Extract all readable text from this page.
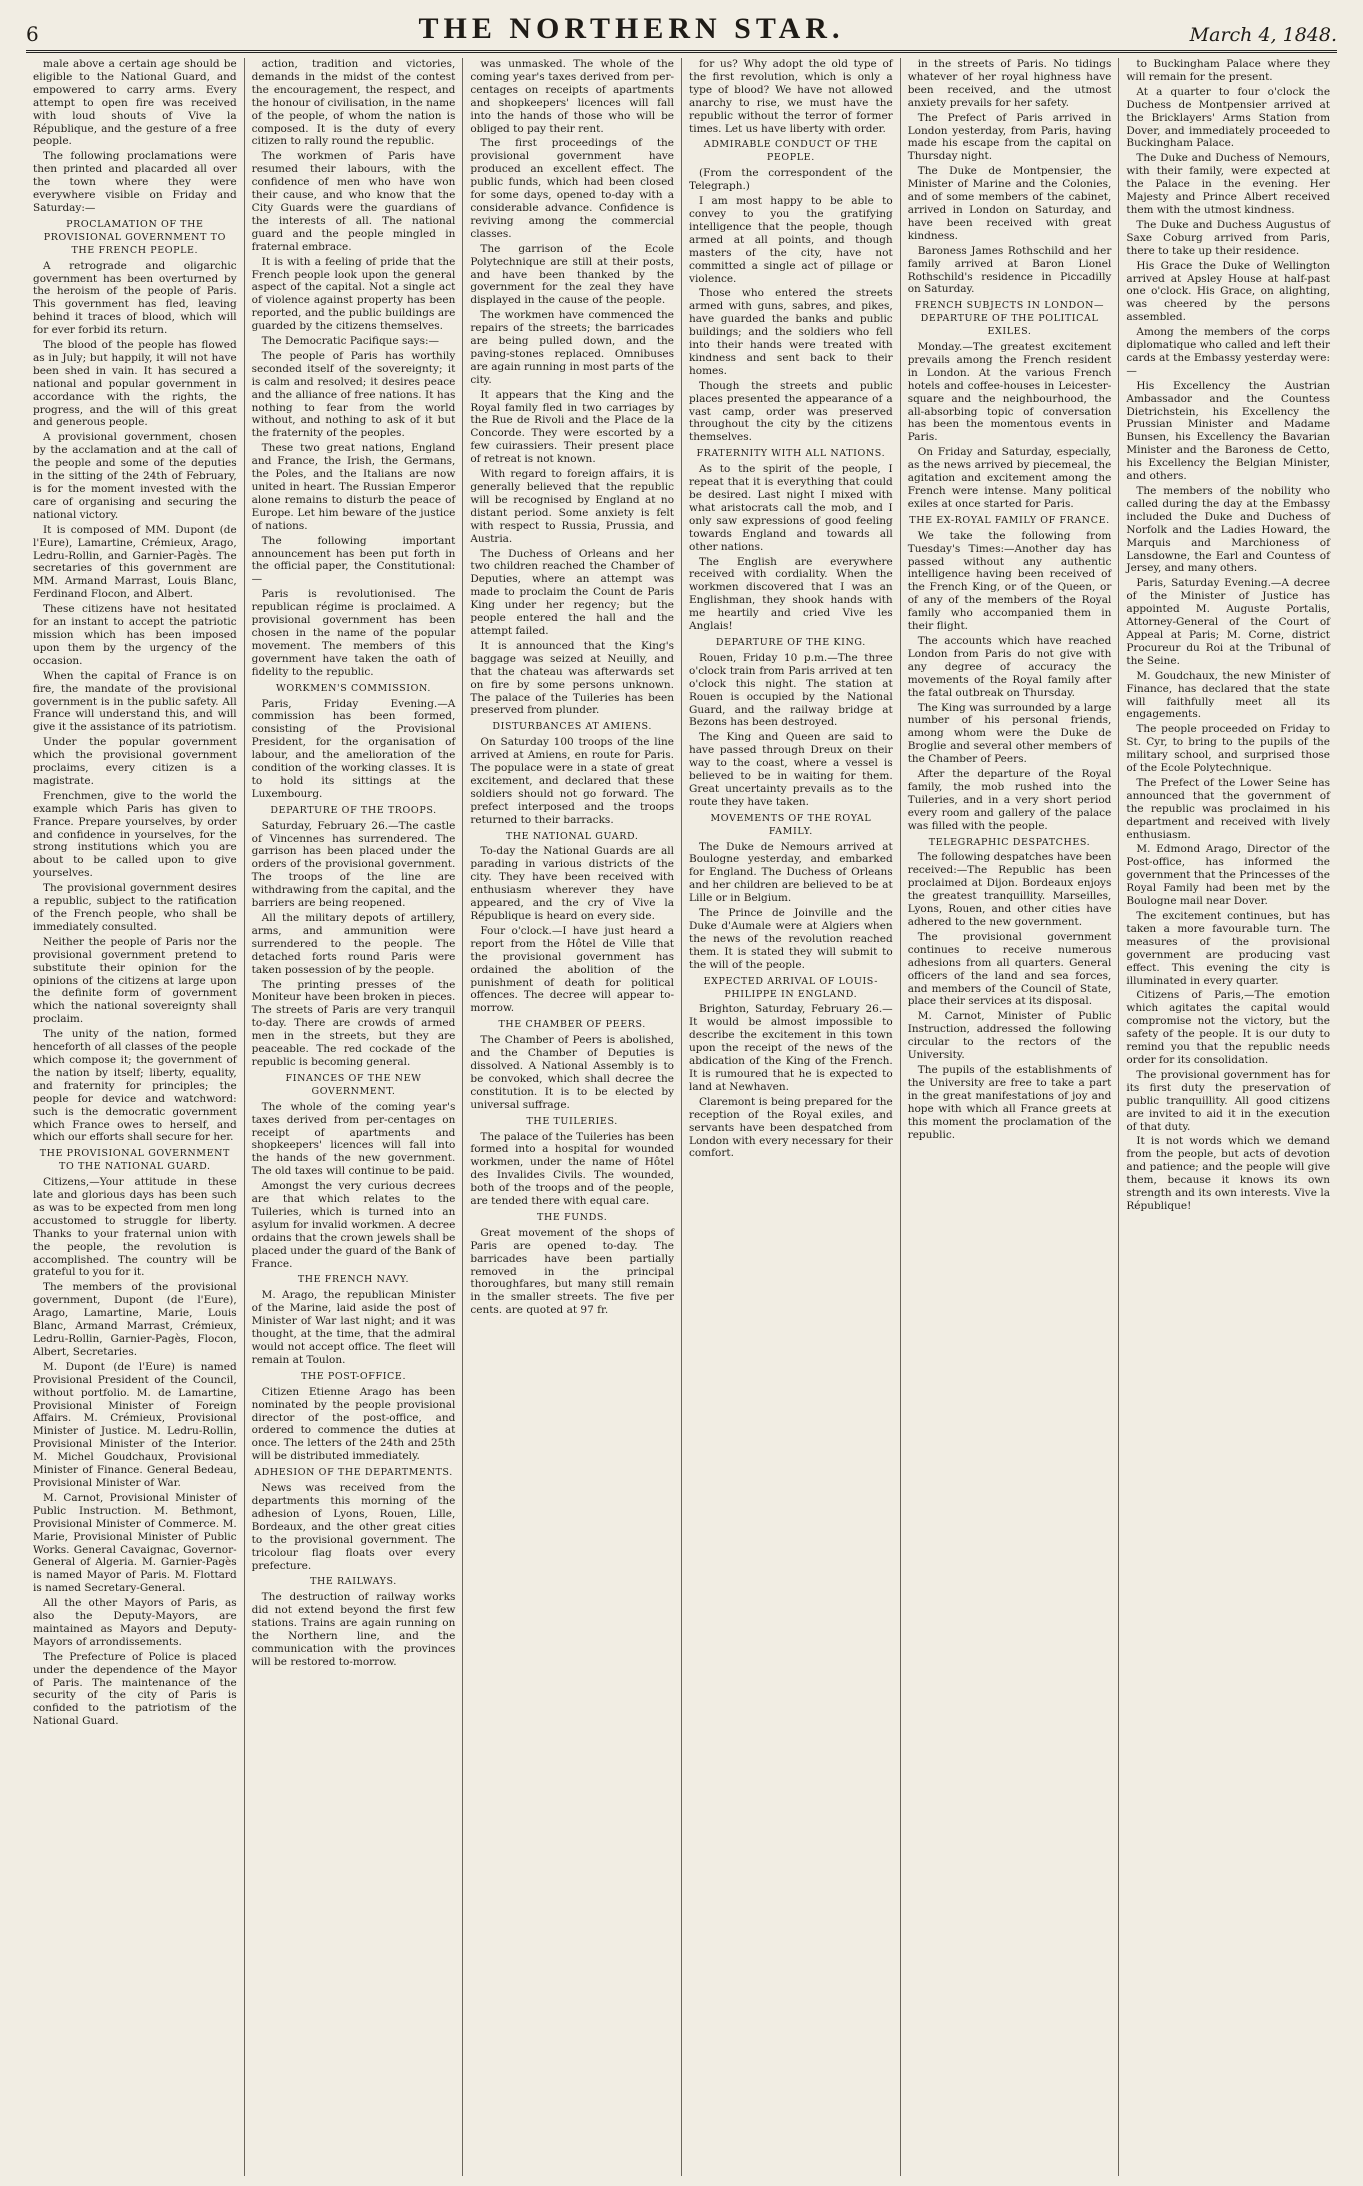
6	THE NORTHERN STAR.	March 4, 1848.

male above a certain age should be eligible to the National Guard, and empowered to carry arms. Every attempt to open fire was received with loud shouts of Vive la République, and the gesture of a free people.

The following proclamations were then printed and placarded all over the town where they were everywhere visible on Friday and Saturday:—

PROCLAMATION OF THE PROVISIONAL GOVERNMENT TO THE FRENCH PEOPLE.

A retrograde and oligarchic government has been overturned by the heroism of the people of Paris. This government has fled, leaving behind it traces of blood, which will for ever forbid its return.

The blood of the people has flowed as in July; but happily, it will not have been shed in vain. It has secured a national and popular government in accordance with the rights, the progress, and the will of this great and generous people.

A provisional government, chosen by the acclamation and at the call of the people and some of the deputies in the sitting of the 24th of February, is for the moment invested with the care of organising and securing the national victory.

It is composed of MM. Dupont (de l'Eure), Lamartine, Crémieux, Arago, Ledru-Rollin, and Garnier-Pagès. The secretaries of this government are MM. Armand Marrast, Louis Blanc, Ferdinand Flocon, and Albert.

These citizens have not hesitated for an instant to accept the patriotic mission which has been imposed upon them by the urgency of the occasion.

When the capital of France is on fire, the mandate of the provisional government is in the public safety. All France will understand this, and will give it the assistance of its patriotism.

Under the popular government which the provisional government proclaims, every citizen is a magistrate.

Frenchmen, give to the world the example which Paris has given to France. Prepare yourselves, by order and confidence in yourselves, for the strong institutions which you are about to be called upon to give yourselves.

The provisional government desires a republic, subject to the ratification of the French people, who shall be immediately consulted.

Neither the people of Paris nor the provisional government pretend to substitute their opinion for the opinions of the citizens at large upon the definite form of government which the national sovereignty shall proclaim.

The unity of the nation, formed henceforth of all classes of the people which compose it; the government of the nation by itself; liberty, equality, and fraternity for principles; the people for device and watchword: such is the democratic government which France owes to herself, and which our efforts shall secure for her.

THE PROVISIONAL GOVERNMENT TO THE NATIONAL GUARD.

Citizens,—Your attitude in these late and glorious days has been such as was to be expected from men long accustomed to struggle for liberty. Thanks to your fraternal union with the people, the revolution is accomplished. The country will be grateful to you for it.

The members of the provisional government, Dupont (de l'Eure), Arago, Lamartine, Marie, Louis Blanc, Armand Marrast, Crémieux, Ledru-Rollin, Garnier-Pagès, Flocon, Albert, Secretaries.

M. Dupont (de l'Eure) is named Provisional President of the Council, without portfolio. M. de Lamartine, Provisional Minister of Foreign Affairs. M. Crémieux, Provisional Minister of Justice. M. Ledru-Rollin, Provisional Minister of the Interior. M. Michel Goudchaux, Provisional Minister of Finance. General Bedeau, Provisional Minister of War.

M. Carnot, Provisional Minister of Public Instruction. M. Bethmont, Provisional Minister of Commerce. M. Marie, Provisional Minister of Public Works. General Cavaignac, Governor-General of Algeria. M. Garnier-Pagès is named Mayor of Paris. M. Flottard is named Secretary-General.

All the other Mayors of Paris, as also the Deputy-Mayors, are maintained as Mayors and Deputy-Mayors of arrondissements.

The Prefecture of Police is placed under the dependence of the Mayor of Paris. The maintenance of the security of the city of Paris is confided to the patriotism of the National Guard.

action, tradition and victories, demands in the midst of the contest the encouragement, the respect, and the honour of civilisation, in the name of the people, of whom the nation is composed. It is the duty of every citizen to rally round the republic.

The workmen of Paris have resumed their labours, with the confidence of men who have won their cause, and who know that the City Guards were the guardians of the interests of all. The national guard and the people mingled in fraternal embrace.

It is with a feeling of pride that the French people look upon the general aspect of the capital. Not a single act of violence against property has been reported, and the public buildings are guarded by the citizens themselves.

The Democratic Pacifique says:—

The people of Paris has worthily seconded itself of the sovereignty; it is calm and resolved; it desires peace and the alliance of free nations. It has nothing to fear from the world without, and nothing to ask of it but the fraternity of the peoples.

These two great nations, England and France, the Irish, the Germans, the Poles, and the Italians are now united in heart. The Russian Emperor alone remains to disturb the peace of Europe. Let him beware of the justice of nations.

The following important announcement has been put forth in the official paper, the Constitutional:—

Paris is revolutionised. The republican régime is proclaimed. A provisional government has been chosen in the name of the popular movement. The members of this government have taken the oath of fidelity to the republic.

WORKMEN'S COMMISSION.

Paris, Friday Evening.—A commission has been formed, consisting of the Provisional President, for the organisation of labour, and the amelioration of the condition of the working classes. It is to hold its sittings at the Luxembourg.

DEPARTURE OF THE TROOPS.

Saturday, February 26.—The castle of Vincennes has surrendered. The garrison has been placed under the orders of the provisional government. The troops of the line are withdrawing from the capital, and the barriers are being reopened.

All the military depots of artillery, arms, and ammunition were surrendered to the people. The detached forts round Paris were taken possession of by the people.

The printing presses of the Moniteur have been broken in pieces. The streets of Paris are very tranquil to-day. There are crowds of armed men in the streets, but they are peaceable. The red cockade of the republic is becoming general.

FINANCES OF THE NEW GOVERNMENT.

The whole of the coming year's taxes derived from per-centages on receipt of apartments and shopkeepers' licences will fall into the hands of the new government. The old taxes will continue to be paid.

Amongst the very curious decrees are that which relates to the Tuileries, which is turned into an asylum for invalid workmen. A decree ordains that the crown jewels shall be placed under the guard of the Bank of France.

THE FRENCH NAVY.

M. Arago, the republican Minister of the Marine, laid aside the post of Minister of War last night; and it was thought, at the time, that the admiral would not accept office. The fleet will remain at Toulon.

THE POST-OFFICE.

Citizen Etienne Arago has been nominated by the people provisional director of the post-office, and ordered to commence the duties at once. The letters of the 24th and 25th will be distributed immediately.

ADHESION OF THE DEPARTMENTS.

News was received from the departments this morning of the adhesion of Lyons, Rouen, Lille, Bordeaux, and the other great cities to the provisional government. The tricolour flag floats over every prefecture.

THE RAILWAYS.

The destruction of railway works did not extend beyond the first few stations. Trains are again running on the Northern line, and the communication with the provinces will be restored to-morrow.

was unmasked. The whole of the coming year's taxes derived from per-centages on receipts of apartments and shopkeepers' licences will fall into the hands of those who will be obliged to pay their rent.

The first proceedings of the provisional government have produced an excellent effect. The public funds, which had been closed for some days, opened to-day with a considerable advance. Confidence is reviving among the commercial classes.

The garrison of the Ecole Polytechnique are still at their posts, and have been thanked by the government for the zeal they have displayed in the cause of the people.

The workmen have commenced the repairs of the streets; the barricades are being pulled down, and the paving-stones replaced. Omnibuses are again running in most parts of the city.

It appears that the King and the Royal family fled in two carriages by the Rue de Rivoli and the Place de la Concorde. They were escorted by a few cuirassiers. Their present place of retreat is not known.

With regard to foreign affairs, it is generally believed that the republic will be recognised by England at no distant period. Some anxiety is felt with respect to Russia, Prussia, and Austria.

The Duchess of Orleans and her two children reached the Chamber of Deputies, where an attempt was made to proclaim the Count de Paris King under her regency; but the people entered the hall and the attempt failed.

It is announced that the King's baggage was seized at Neuilly, and that the chateau was afterwards set on fire by some persons unknown. The palace of the Tuileries has been preserved from plunder.

DISTURBANCES AT AMIENS.

On Saturday 100 troops of the line arrived at Amiens, en route for Paris. The populace were in a state of great excitement, and declared that these soldiers should not go forward. The prefect interposed and the troops returned to their barracks.

THE NATIONAL GUARD.

To-day the National Guards are all parading in various districts of the city. They have been received with enthusiasm wherever they have appeared, and the cry of Vive la République is heard on every side.

Four o'clock.—I have just heard a report from the Hôtel de Ville that the provisional government has ordained the abolition of the punishment of death for political offences. The decree will appear to-morrow.

THE CHAMBER OF PEERS.

The Chamber of Peers is abolished, and the Chamber of Deputies is dissolved. A National Assembly is to be convoked, which shall decree the constitution. It is to be elected by universal suffrage.

THE TUILERIES.

The palace of the Tuileries has been formed into a hospital for wounded workmen, under the name of Hôtel des Invalides Civils. The wounded, both of the troops and of the people, are tended there with equal care.

THE FUNDS.

Great movement of the shops of Paris are opened to-day. The barricades have been partially removed in the principal thoroughfares, but many still remain in the smaller streets. The five per cents. are quoted at 97 fr.

for us? Why adopt the old type of the first revolution, which is only a type of blood? We have not allowed anarchy to rise, we must have the republic without the terror of former times. Let us have liberty with order.

ADMIRABLE CONDUCT OF THE PEOPLE.

(From the correspondent of the Telegraph.)

I am most happy to be able to convey to you the gratifying intelligence that the people, though armed at all points, and though masters of the city, have not committed a single act of pillage or violence.

Those who entered the streets armed with guns, sabres, and pikes, have guarded the banks and public buildings; and the soldiers who fell into their hands were treated with kindness and sent back to their homes.

Though the streets and public places presented the appearance of a vast camp, order was preserved throughout the city by the citizens themselves.

FRATERNITY WITH ALL NATIONS.

As to the spirit of the people, I repeat that it is everything that could be desired. Last night I mixed with what aristocrats call the mob, and I only saw expressions of good feeling towards England and towards all other nations.

The English are everywhere received with cordiality. When the workmen discovered that I was an Englishman, they shook hands with me heartily and cried Vive les Anglais!

DEPARTURE OF THE KING.

Rouen, Friday 10 p.m.—The three o'clock train from Paris arrived at ten o'clock this night. The station at Rouen is occupied by the National Guard, and the railway bridge at Bezons has been destroyed.

The King and Queen are said to have passed through Dreux on their way to the coast, where a vessel is believed to be in waiting for them. Great uncertainty prevails as to the route they have taken.

MOVEMENTS OF THE ROYAL FAMILY.

The Duke de Nemours arrived at Boulogne yesterday, and embarked for England. The Duchess of Orleans and her children are believed to be at Lille or in Belgium.

The Prince de Joinville and the Duke d'Aumale were at Algiers when the news of the revolution reached them. It is stated they will submit to the will of the people.

EXPECTED ARRIVAL OF LOUIS-PHILIPPE IN ENGLAND.

Brighton, Saturday, February 26.—It would be almost impossible to describe the excitement in this town upon the receipt of the news of the abdication of the King of the French. It is rumoured that he is expected to land at Newhaven.

Claremont is being prepared for the reception of the Royal exiles, and servants have been despatched from London with every necessary for their comfort.

in the streets of Paris. No tidings whatever of her royal highness have been received, and the utmost anxiety prevails for her safety.

The Prefect of Paris arrived in London yesterday, from Paris, having made his escape from the capital on Thursday night.

The Duke de Montpensier, the Minister of Marine and the Colonies, and of some members of the cabinet, arrived in London on Saturday, and have been received with great kindness.

Baroness James Rothschild and her family arrived at Baron Lionel Rothschild's residence in Piccadilly on Saturday.

FRENCH SUBJECTS IN LONDON—DEPARTURE OF THE POLITICAL EXILES.

Monday.—The greatest excitement prevails among the French resident in London. At the various French hotels and coffee-houses in Leicester-square and the neighbourhood, the all-absorbing topic of conversation has been the momentous events in Paris.

On Friday and Saturday, especially, as the news arrived by piecemeal, the agitation and excitement among the French were intense. Many political exiles at once started for Paris.

THE EX-ROYAL FAMILY OF FRANCE.

We take the following from Tuesday's Times:—Another day has passed without any authentic intelligence having been received of the French King, or of the Queen, or of any of the members of the Royal family who accompanied them in their flight.

The accounts which have reached London from Paris do not give with any degree of accuracy the movements of the Royal family after the fatal outbreak on Thursday.

The King was surrounded by a large number of his personal friends, among whom were the Duke de Broglie and several other members of the Chamber of Peers.

After the departure of the Royal family, the mob rushed into the Tuileries, and in a very short period every room and gallery of the palace was filled with the people.

TELEGRAPHIC DESPATCHES.

The following despatches have been received:—The Republic has been proclaimed at Dijon. Bordeaux enjoys the greatest tranquillity. Marseilles, Lyons, Rouen, and other cities have adhered to the new government.

The provisional government continues to receive numerous adhesions from all quarters. General officers of the land and sea forces, and members of the Council of State, place their services at its disposal.

M. Carnot, Minister of Public Instruction, addressed the following circular to the rectors of the University.

The pupils of the establishments of the University are free to take a part in the great manifestations of joy and hope with which all France greets at this moment the proclamation of the republic.

to Buckingham Palace where they will remain for the present.

At a quarter to four o'clock the Duchess de Montpensier arrived at the Bricklayers' Arms Station from Dover, and immediately proceeded to Buckingham Palace.

The Duke and Duchess of Nemours, with their family, were expected at the Palace in the evening. Her Majesty and Prince Albert received them with the utmost kindness.

The Duke and Duchess Augustus of Saxe Coburg arrived from Paris, there to take up their residence.

His Grace the Duke of Wellington arrived at Apsley House at half-past one o'clock. His Grace, on alighting, was cheered by the persons assembled.

Among the members of the corps diplomatique who called and left their cards at the Embassy yesterday were:—

His Excellency the Austrian Ambassador and the Countess Dietrichstein, his Excellency the Prussian Minister and Madame Bunsen, his Excellency the Bavarian Minister and the Baroness de Cetto, his Excellency the Belgian Minister, and others.

The members of the nobility who called during the day at the Embassy included the Duke and Duchess of Norfolk and the Ladies Howard, the Marquis and Marchioness of Lansdowne, the Earl and Countess of Jersey, and many others.

Paris, Saturday Evening.—A decree of the Minister of Justice has appointed M. Auguste Portalis, Attorney-General of the Court of Appeal at Paris; M. Corne, district Procureur du Roi at the Tribunal of the Seine.

M. Goudchaux, the new Minister of Finance, has declared that the state will faithfully meet all its engagements.

The people proceeded on Friday to St. Cyr, to bring to the pupils of the military school, and surprised those of the Ecole Polytechnique.

The Prefect of the Lower Seine has announced that the government of the republic was proclaimed in his department and received with lively enthusiasm.

M. Edmond Arago, Director of the Post-office, has informed the government that the Princesses of the Royal Family had been met by the Boulogne mail near Dover.

The excitement continues, but has taken a more favourable turn. The measures of the provisional government are producing vast effect. This evening the city is illuminated in every quarter.

Citizens of Paris,—The emotion which agitates the capital would compromise not the victory, but the safety of the people. It is our duty to remind you that the republic needs order for its consolidation.

The provisional government has for its first duty the preservation of public tranquillity. All good citizens are invited to aid it in the execution of that duty.

It is not words which we demand from the people, but acts of devotion and patience; and the people will give them, because it knows its own strength and its own interests. Vive la République!
